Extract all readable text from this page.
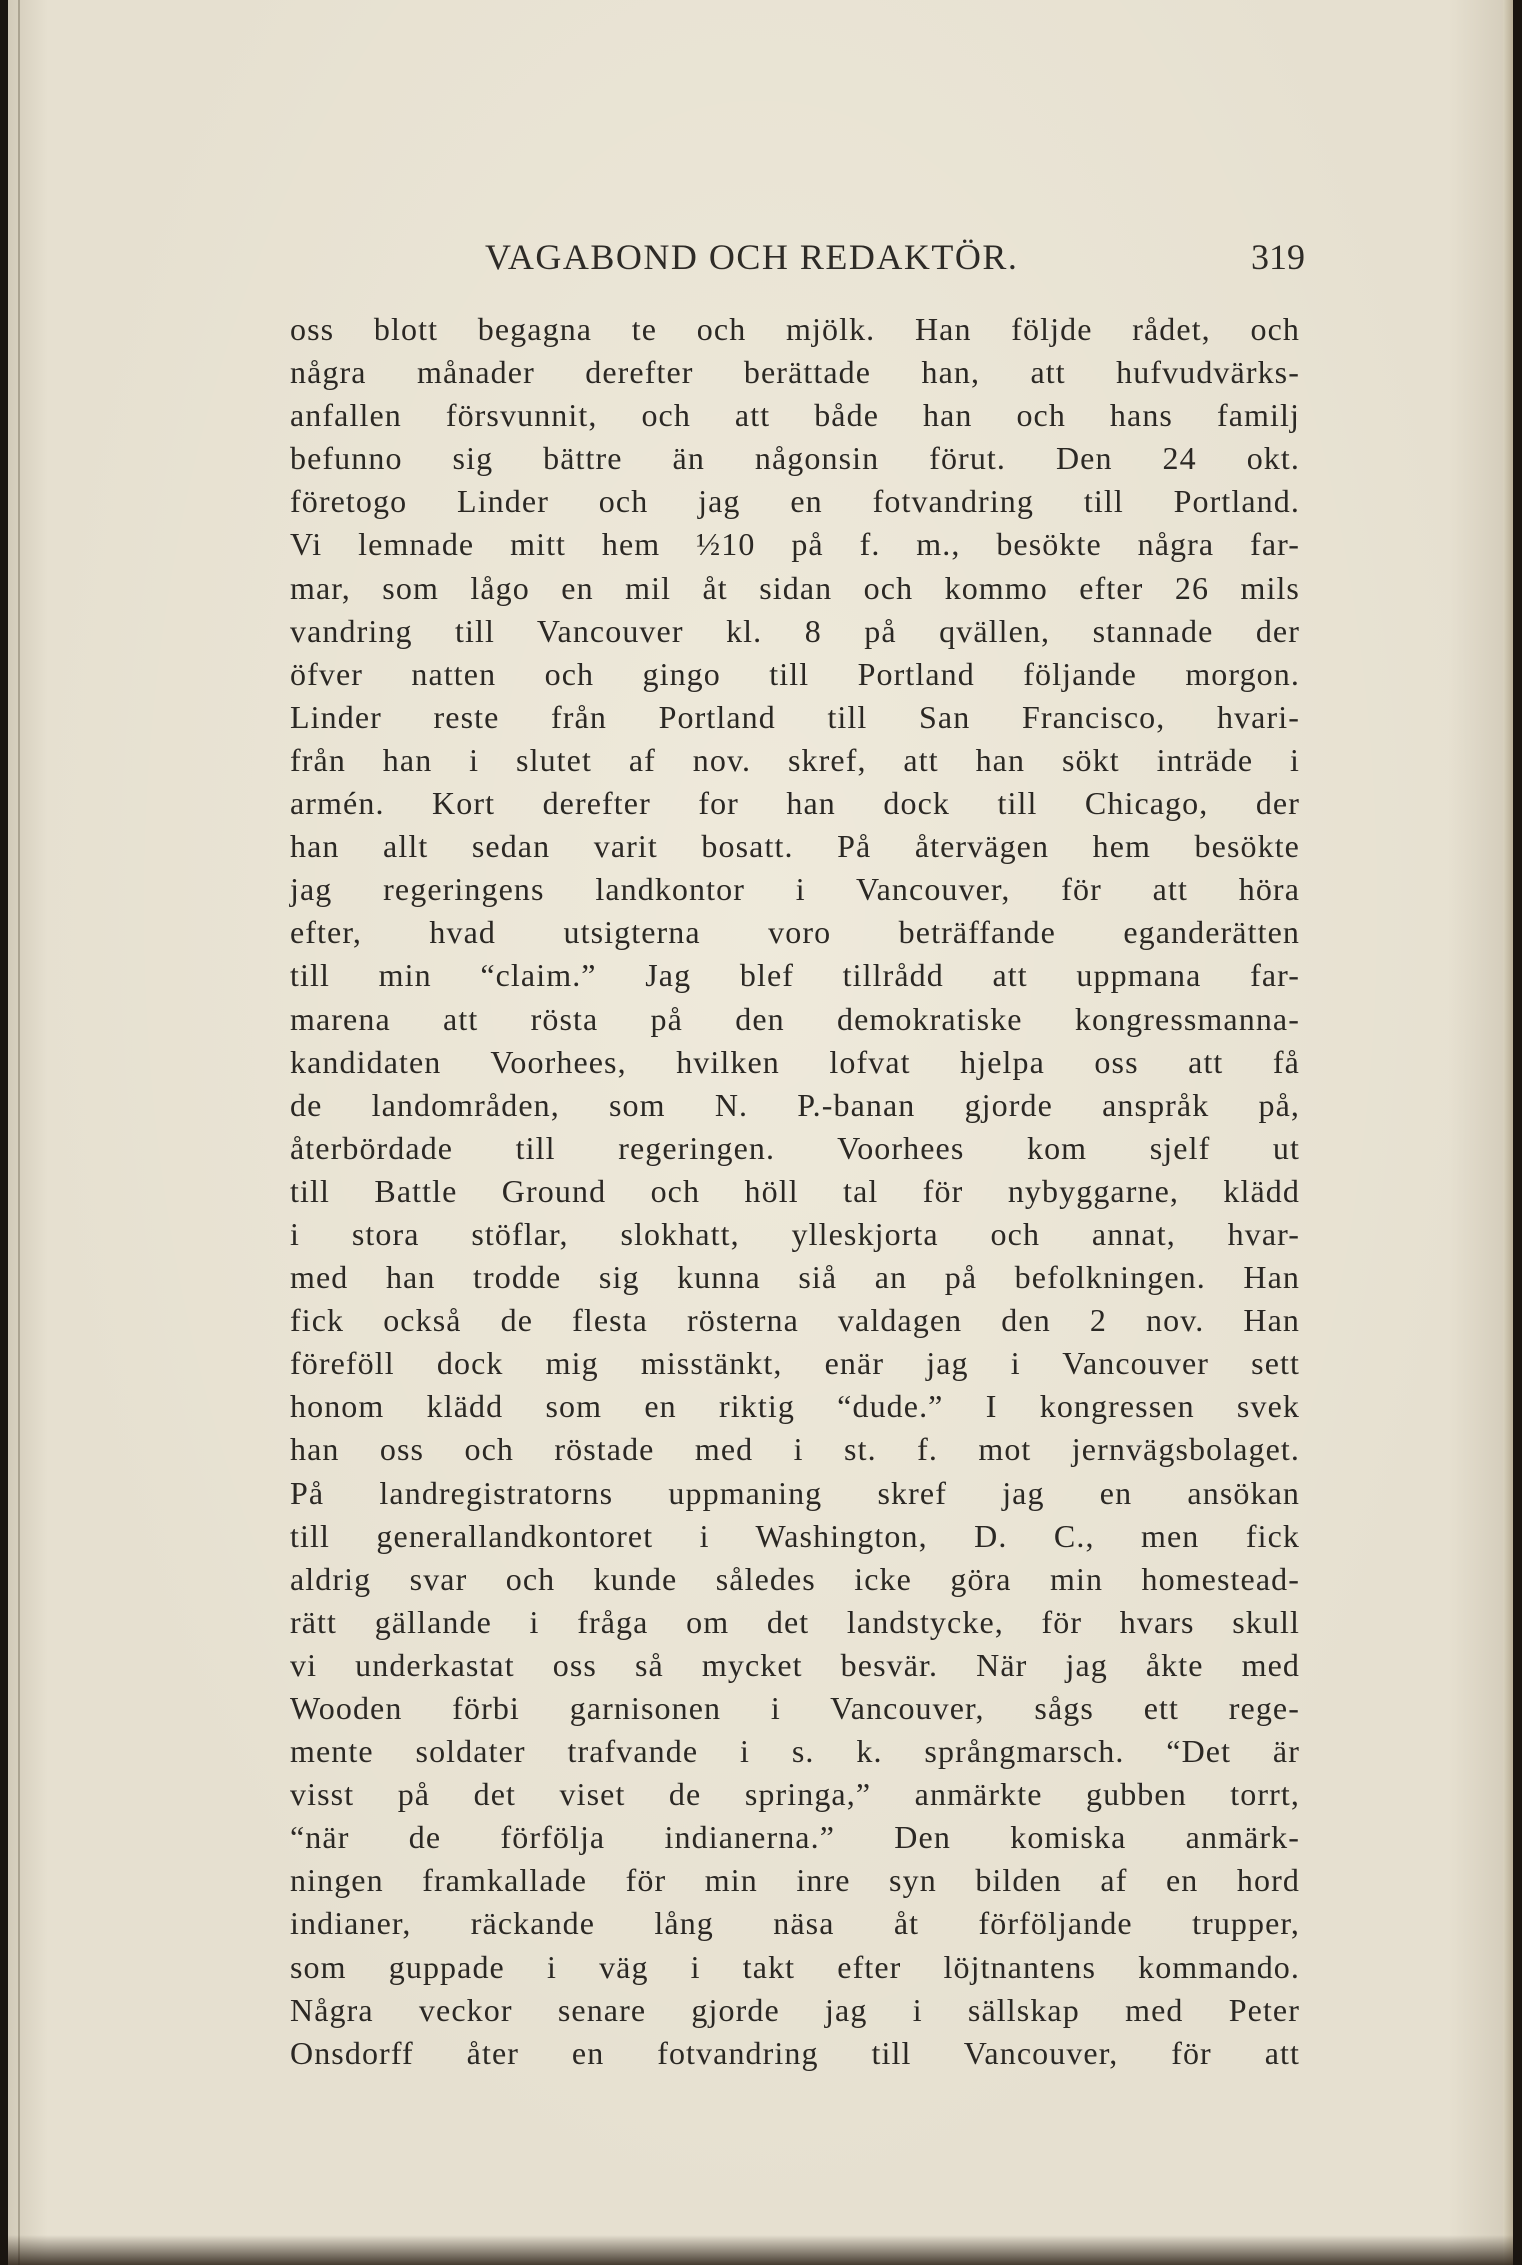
VAGABOND OCH REDAKTÖR.	319
oss blott begagna te och mjölk. Han följde rådet, och
några månader derefter berättade han, att hufvudvärks-
anfallen försvunnit, och att både han och hans familj
befunno sig bättre än någonsin förut. Den 24 okt.
företogo Linder och jag en fotvandring till Portland.
Vi lemnade mitt hem ½10 på f. m., besökte några far-
mar, som lågo en mil åt sidan och kommo efter 26 mils
vandring till Vancouver kl. 8 på qvällen, stannade der
öfver natten och gingo till Portland följande morgon.
Linder reste från Portland till San Francisco, hvari-
från han i slutet af nov. skref, att han sökt inträde i
armén. Kort derefter for han dock till Chicago, der
han allt sedan varit bosatt. På återvägen hem besökte
jag regeringens landkontor i Vancouver, för att höra
efter, hvad utsigterna voro beträffande eganderätten
till min “claim.” Jag blef tillrådd att uppmana far-
marena att rösta på den demokratiske kongressmanna-
kandidaten Voorhees, hvilken lofvat hjelpa oss att få
de landområden, som N. P.-banan gjorde anspråk på,
återbördade till regeringen. Voorhees kom sjelf ut
till Battle Ground och höll tal för nybyggarne, klädd
i stora stöflar, slokhatt, ylleskjorta och annat, hvar-
med han trodde sig kunna siå an på befolkningen. Han
fick också de flesta rösterna valdagen den 2 nov. Han
föreföll dock mig misstänkt, enär jag i Vancouver sett
honom klädd som en riktig “dude.” I kongressen svek
han oss och röstade med i st. f. mot jernvägsbolaget.
På landregistratorns uppmaning skref jag en ansökan
till generallandkontoret i Washington, D. C., men fick
aldrig svar och kunde således icke göra min homestead-
rätt gällande i fråga om det landstycke, för hvars skull
vi underkastat oss så mycket besvär. När jag åkte med
Wooden förbi garnisonen i Vancouver, sågs ett rege-
mente soldater trafvande i s. k. språngmarsch. “Det är
visst på det viset de springa,” anmärkte gubben torrt,
“när de förfölja indianerna.” Den komiska anmärk-
ningen framkallade för min inre syn bilden af en hord
indianer, räckande lång näsa åt förföljande trupper,
som guppade i väg i takt efter löjtnantens kommando.
Några veckor senare gjorde jag i sällskap med Peter
Onsdorff åter en fotvandring till Vancouver, för att
